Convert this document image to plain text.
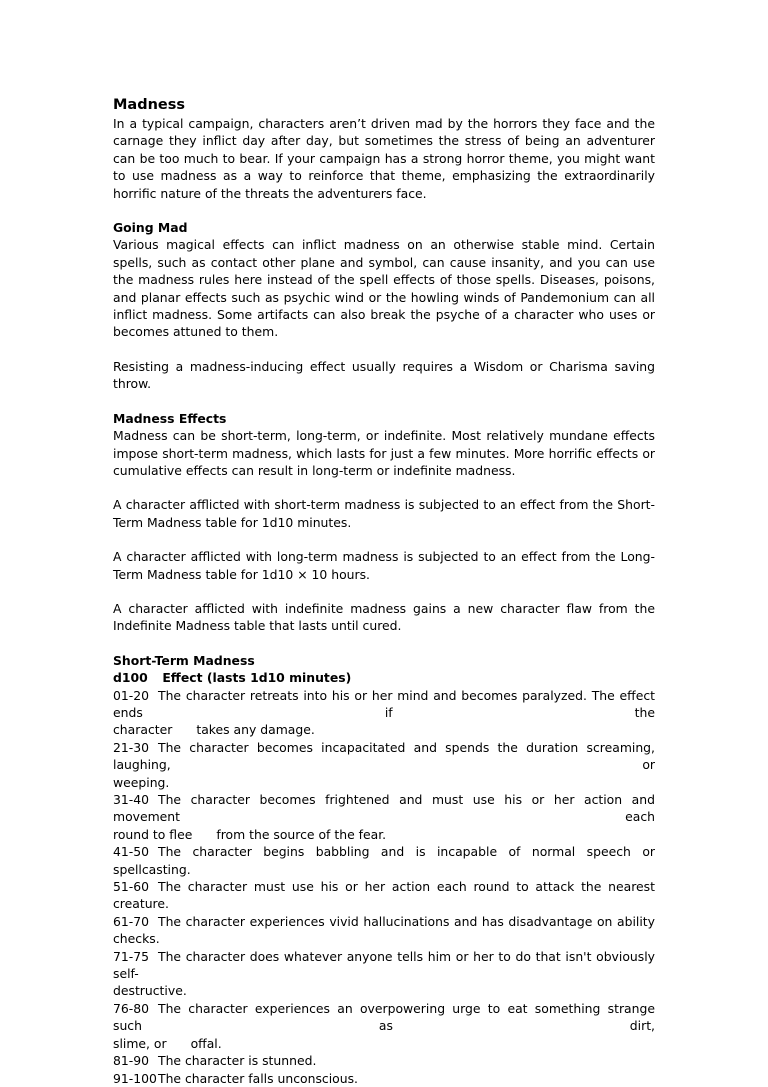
Madness

In a typical campaign, characters aren’t driven mad by the horrors they face and the carnage they inflict day after day, but sometimes the stress of being an adventurer can be too much to bear. If your campaign has a strong horror theme, you might want to use madness as a way to reinforce that theme, emphasizing the extraordinarily horrific nature of the threats the adventurers face.

Going Mad

Various magical effects can inflict madness on an otherwise stable mind. Certain spells, such as contact other plane and symbol, can cause insanity, and you can use the madness rules here instead of the spell effects of those spells. Diseases, poisons, and planar effects such as psychic wind or the howling winds of Pandemonium can all inflict madness. Some artifacts can also break the psyche of a character who uses or becomes attuned to them.

Resisting a madness-inducing effect usually requires a Wisdom or Charisma saving throw.

Madness Effects

Madness can be short-term, long-term, or indefinite. Most relatively mundane effects impose short-term madness, which lasts for just a few minutes. More horrific effects or cumulative effects can result in long-term or indefinite madness.

A character afflicted with short-term madness is subjected to an effect from the Short-Term Madness table for 1d10 minutes.

A character afflicted with long-term madness is subjected to an effect from the Long-Term Madness table for 1d10 × 10 hours.

A character afflicted with indefinite madness gains a new character flaw from the Indefinite Madness table that lasts until cured.

Short-Term Madness
d100 Effect (lasts 1d10 minutes)
01-20 The character retreats into his or her mind and becomes paralyzed. The effect ends if the
character takes any damage.
21-30 The character becomes incapacitated and spends the duration screaming, laughing, or
weeping.
31-40 The character becomes frightened and must use his or her action and movement each
round to flee from the source of the fear.
41-50 The character begins babbling and is incapable of normal speech or spellcasting.
51-60 The character must use his or her action each round to attack the nearest creature.
61-70 The character experiences vivid hallucinations and has disadvantage on ability checks.
71-75 The character does whatever anyone tells him or her to do that isn't obviously self-
destructive.
76-80 The character experiences an overpowering urge to eat something strange such as dirt,
slime, or offal.
81-90 The character is stunned.
91-100The character falls unconscious.
